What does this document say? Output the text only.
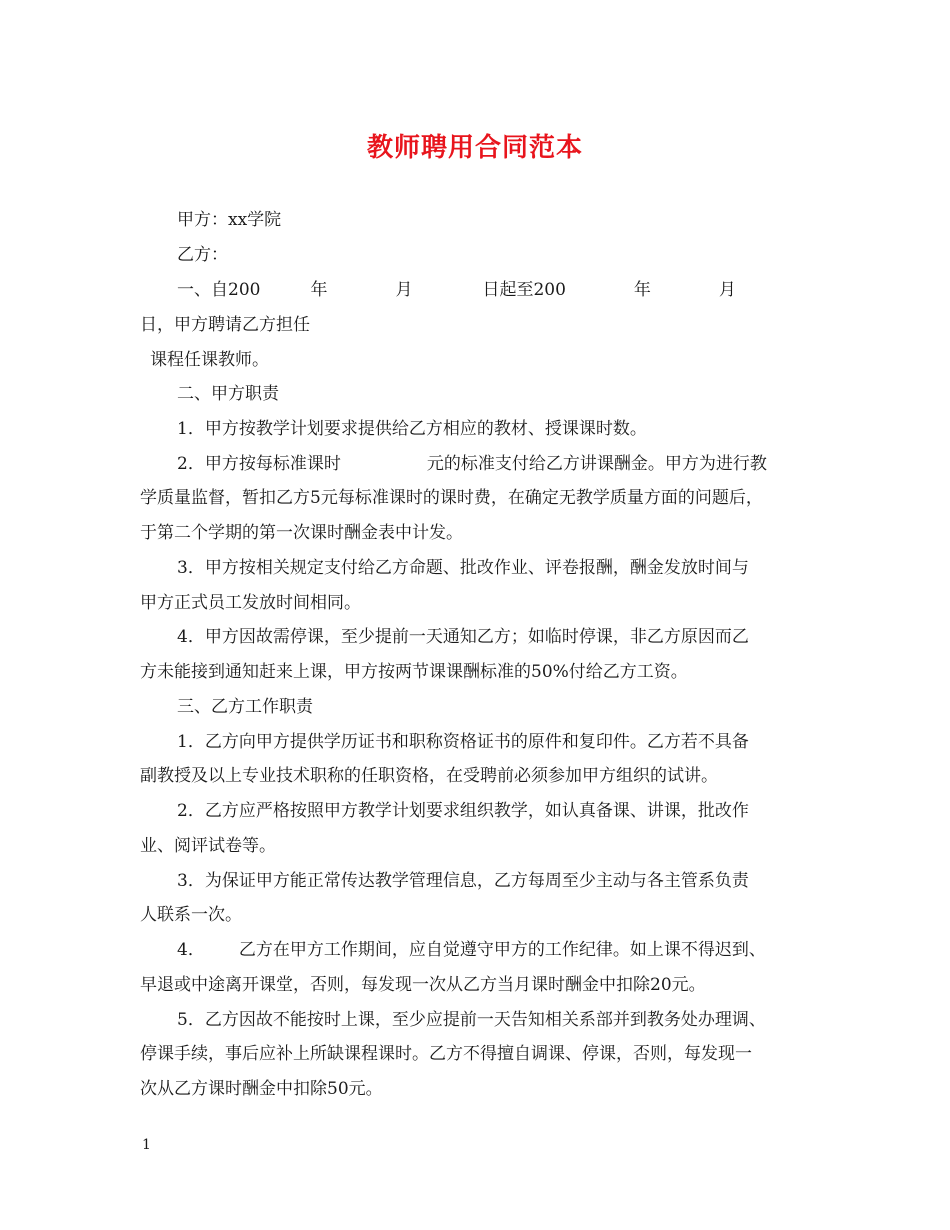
教师聘用合同范本
甲方：xx学院
乙方：
一、自200	年	月	日起至200	年	月
日，甲方聘请乙方担任
课程任课教师。
二、甲方职责
1．甲方按教学计划要求提供给乙方相应的教材、授课课时数。
2．甲方按每标准课时	元的标准支付给乙方讲课酬金。甲方为进行教
学质量监督，暂扣乙方5元每标准课时的课时费，在确定无教学质量方面的问题后，
于第二个学期的第一次课时酬金表中计发。
3．甲方按相关规定支付给乙方命题、批改作业、评卷报酬，酬金发放时间与
甲方正式员工发放时间相同。
4．甲方因故需停课，至少提前一天通知乙方；如临时停课，非乙方原因而乙
方未能接到通知赶来上课，甲方按两节课课酬标准的50%付给乙方工资。
三、乙方工作职责
1．乙方向甲方提供学历证书和职称资格证书的原件和复印件。乙方若不具备
副教授及以上专业技术职称的任职资格，在受聘前必须参加甲方组织的试讲。
2．乙方应严格按照甲方教学计划要求组织教学，如认真备课、讲课，批改作
业、阅评试卷等。
3．为保证甲方能正常传达教学管理信息，乙方每周至少主动与各主管系负责
人联系一次。
4． 乙方在甲方工作期间，应自觉遵守甲方的工作纪律。如上课不得迟到、
早退或中途离开课堂，否则，每发现一次从乙方当月课时酬金中扣除20元。
5．乙方因故不能按时上课，至少应提前一天告知相关系部并到教务处办理调、
停课手续，事后应补上所缺课程课时。乙方不得擅自调课、停课，否则，每发现一
次从乙方课时酬金中扣除50元。
1
